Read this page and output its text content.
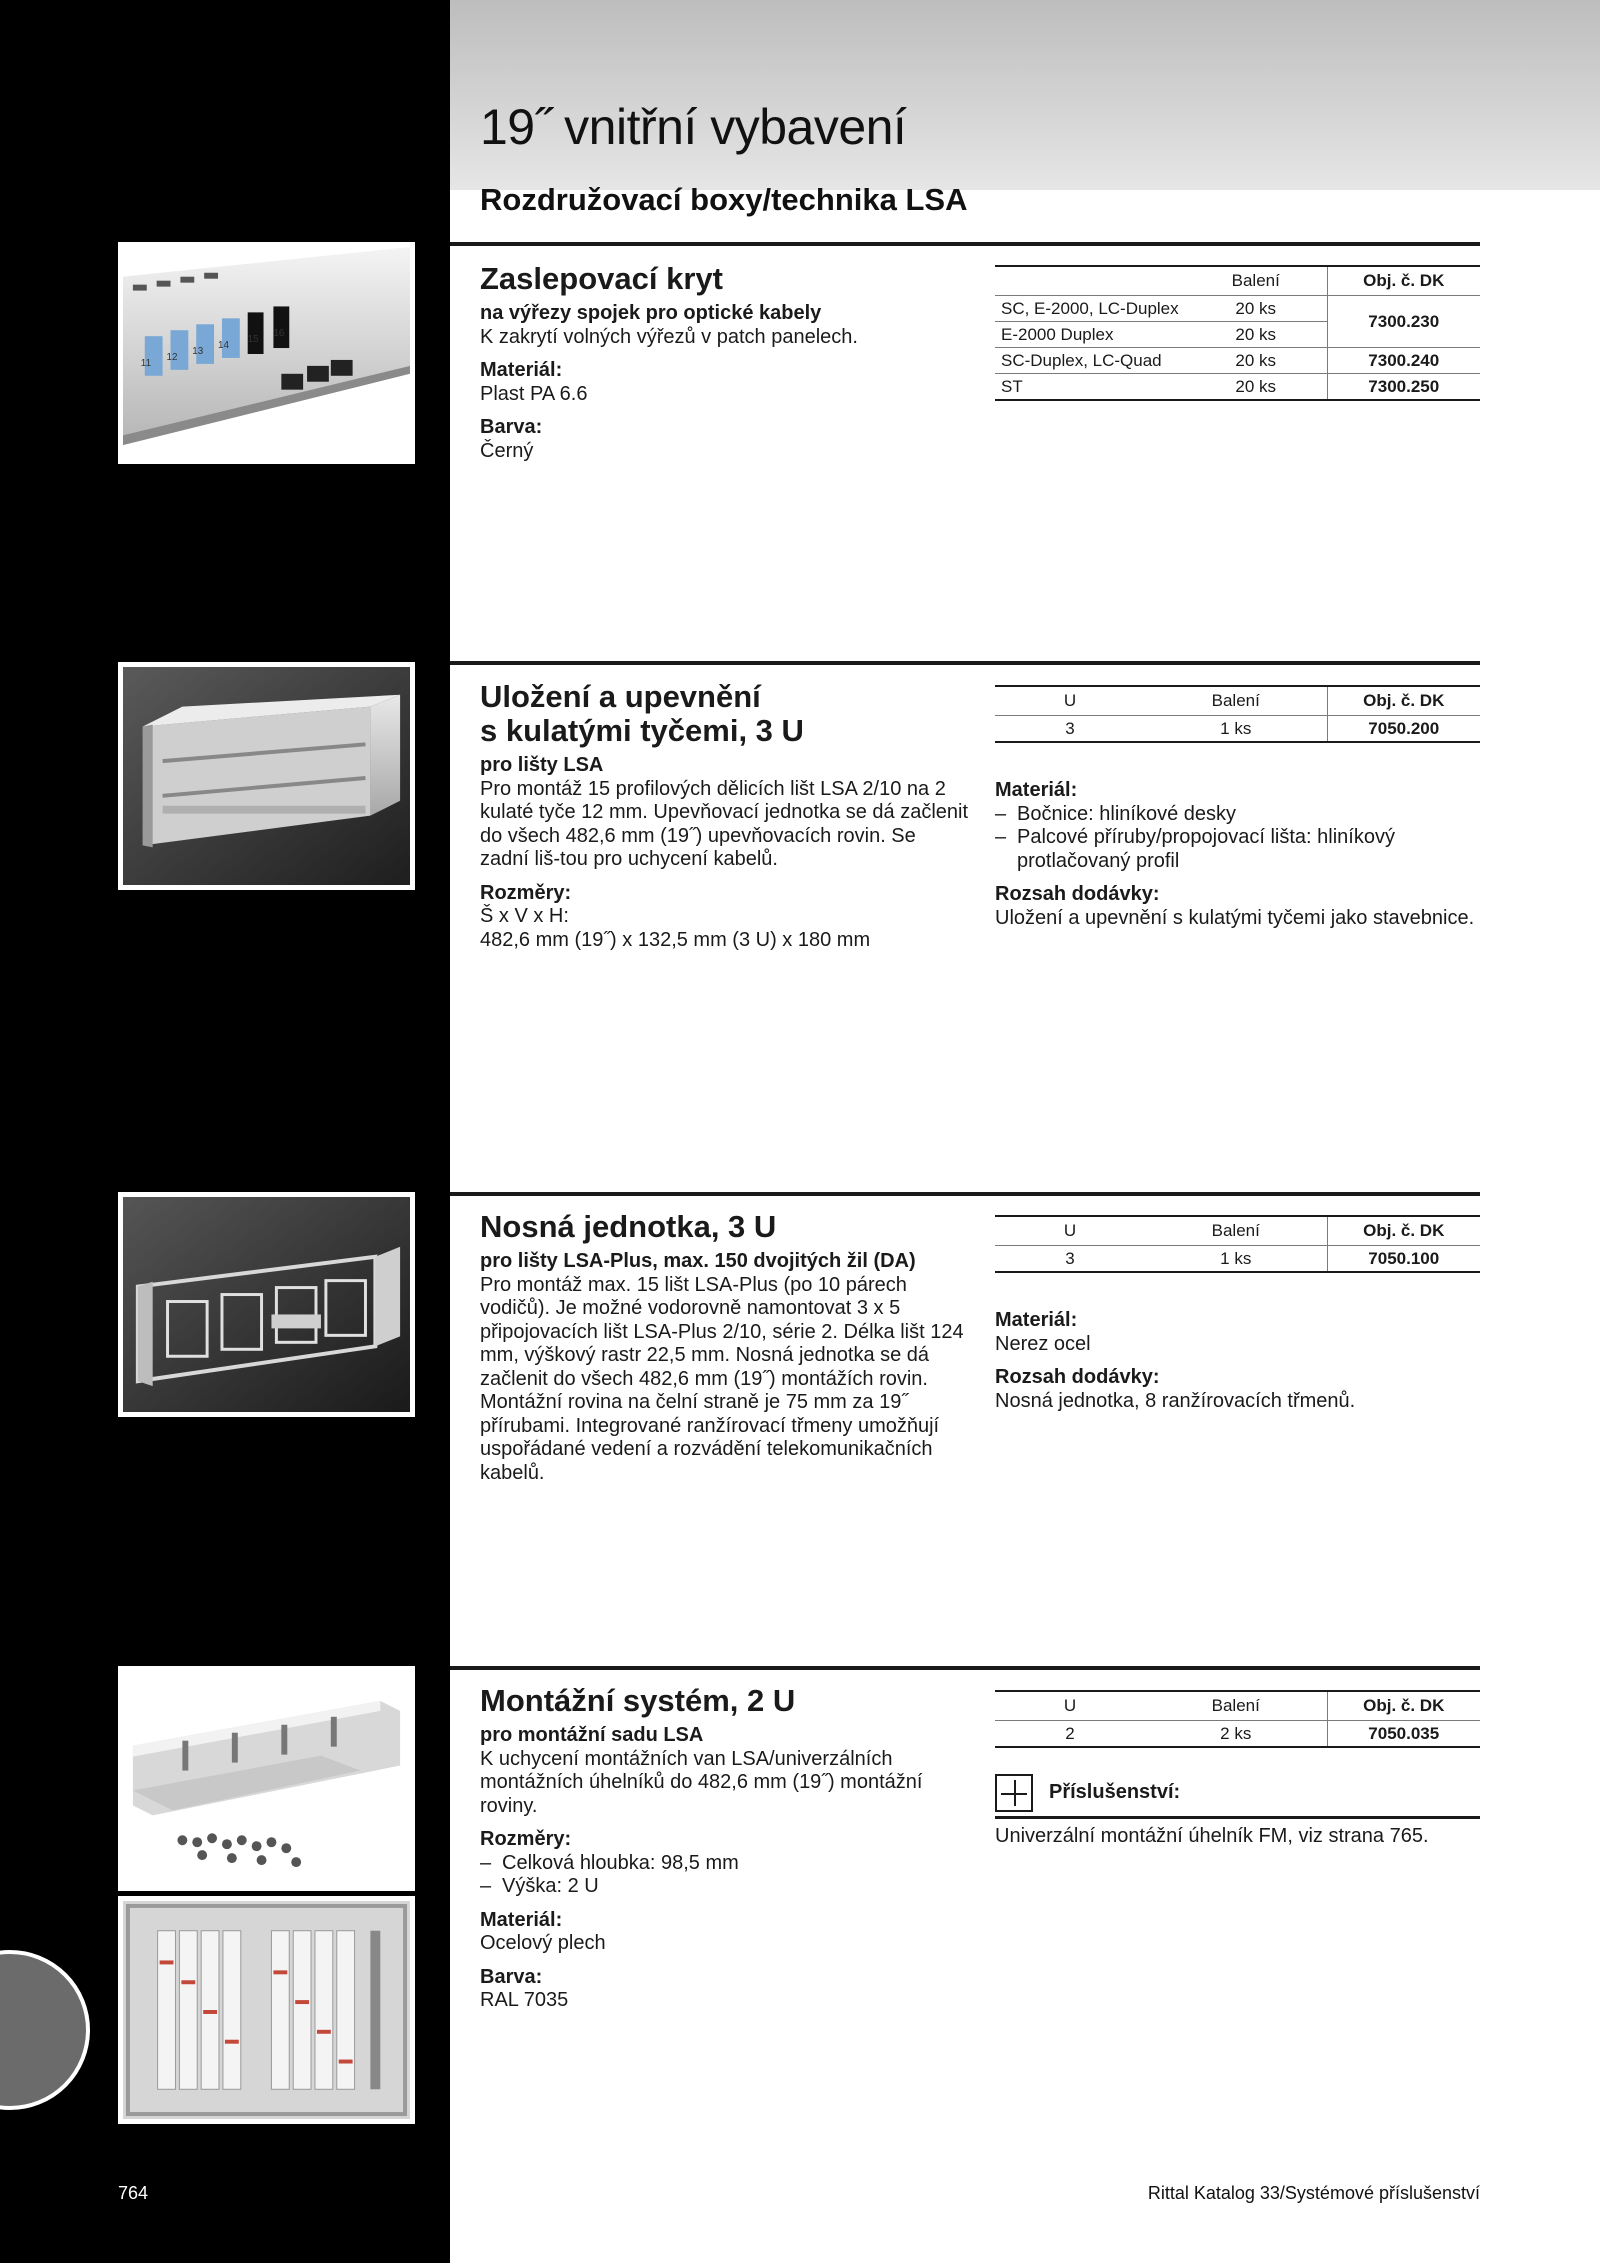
19˝ vnitřní vybavení
Rozdružovací boxy/technika LSA
11
12
13
14
15
16
Zaslepovací kryt
na výřezy spojek pro optické kabely
K zakrytí volných výřezů v patch panelech.
Materiál:
Plast PA 6.6
Barva:
Černý
	Balení	Obj. č. DK
SC, E-2000, LC-Duplex	20 ks	7300.230
E-2000 Duplex	20 ks	
SC-Duplex, LC-Quad	20 ks	7300.240
ST	20 ks	7300.250
Uložení a upevnění
s kulatými tyčemi, 3 U
pro lišty LSA
Pro montáž 15 profilových dělicích lišt LSA 2/10 na 2 kulaté tyče 12 mm. Upevňovací jednotka se dá začlenit do všech 482,6 mm (19˝) upevňovacích rovin. Se zadní liš-tou pro uchycení kabelů.
Rozměry:
Š x V x H:
482,6 mm (19˝) x 132,5 mm (3 U) x 180 mm
U	Balení	Obj. č. DK
3	1 ks	7050.200
Materiál:
– Bočnice: hliníkové desky
– Palcové příruby/propojovací lišta: hliníkový protlačovaný profil
Rozsah dodávky:
Uložení a upevnění s kulatými tyčemi jako stavebnice.
Nosná jednotka, 3 U
pro lišty LSA-Plus, max. 150 dvojitých žil (DA)
Pro montáž max. 15 lišt LSA-Plus (po 10 párech vodičů). Je možné vodorovně namontovat 3 x 5 připojovacích lišt LSA-Plus 2/10, série 2. Délka lišt 124 mm, výškový rastr 22,5 mm. Nosná jednotka se dá začlenit do všech 482,6 mm (19˝) montážích rovin. Montážní rovina na čelní straně je 75 mm za 19˝ přírubami. Integrované ranžírovací třmeny umožňují uspořádané vedení a rozvádění telekomunikačních kabelů.
U	Balení	Obj. č. DK
3	1 ks	7050.100
Materiál:
Nerez ocel
Rozsah dodávky:
Nosná jednotka, 8 ranžírovacích třmenů.
Montážní systém, 2 U
pro montážní sadu LSA
K uchycení montážních van LSA/univerzálních montážních úhelníků do 482,6 mm (19˝) montážní roviny.
Rozměry:
– Celková hloubka: 98,5 mm
– Výška: 2 U
Materiál:
Ocelový plech
Barva:
RAL 7035
U	Balení	Obj. č. DK
2	2 ks	7050.035
Příslušenství:
Univerzální montážní úhelník FM, viz strana 765.
764	Rittal Katalog 33/Systémové příslušenství
